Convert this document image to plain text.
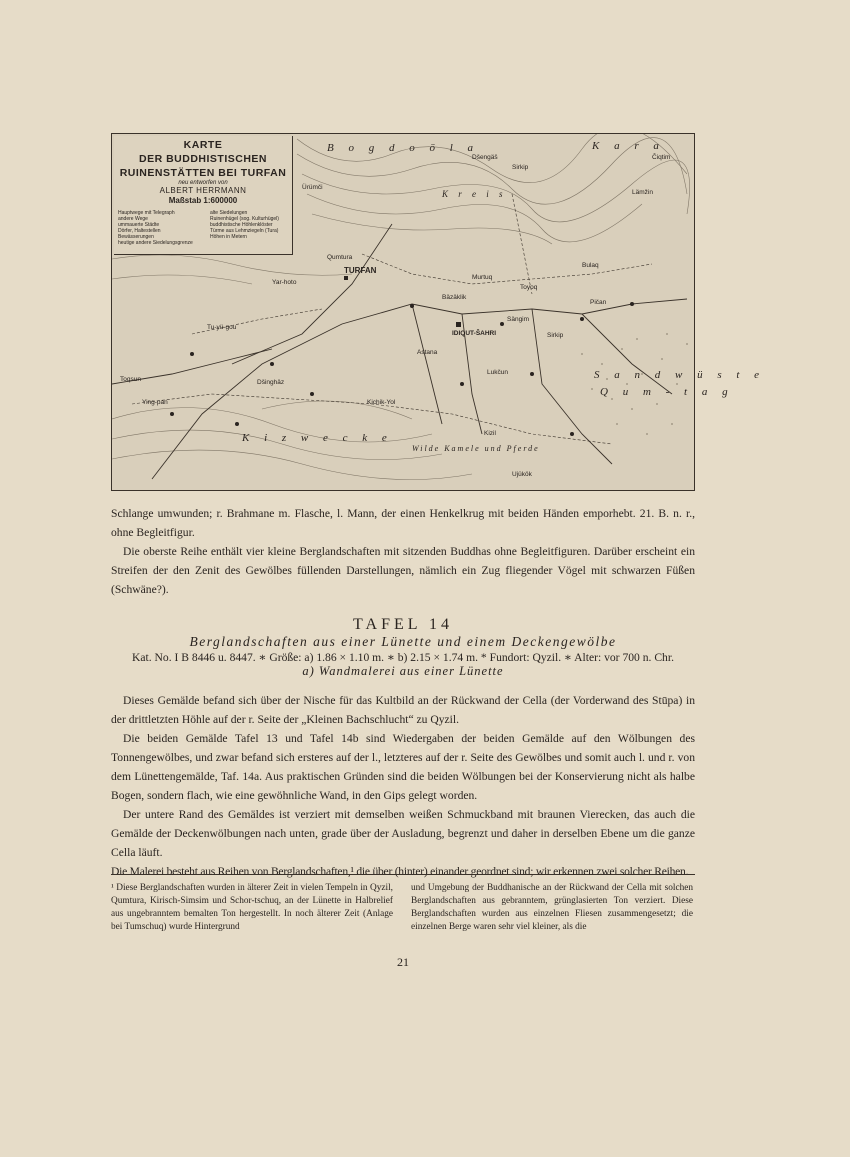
KARTE
DER BUDDHISTISCHEN
RUINENSTÄTTEN BEI TURFAN
neu entworfen von
ALBERT HERRMANN
Maßstab 1:600000
Hauptwege mit Telegraph
andere Wege
ummauerte Städte
Dörfer, Haltestellen
Bewässerungen
heutige andere Siedelungsgrenze
alte Siedelungen
Ruinenhügel (sog. Kulturhügel)
buddhistische Höhlenklöster
Türme aus Lehmziegeln (Tura)
Höhen in Metern
B o g d o ö l a	K a r a
K r e i s
TURFAN
IDIQUT-ŠAHRI
Qumtura
Sängim
Murtuq
Toyoq
Bäzäklik
Astana
Lukčun
Pičan
Sirkip
Yar-hoto
Toqsun
Bulaq
Tu-yü-gou
S a n d w ü s t e
Q u m - t a g
K i z w e c k e
Wilde Kamele und Pferde
Ürümči
Dšengäš
Lämžin
Čiqtim
Sirkip
Kichik-Yol
Ying-pan
Kizil
Dšinghäz
Ujükök

Schlange umwunden; r. Brahmane m. Flasche, l. Mann, der einen Henkelkrug mit beiden Händen emporhebt. 21. B. n. r., ohne Begleitfigur.

Die oberste Reihe enthält vier kleine Berglandschaften mit sitzenden Buddhas ohne Begleitfiguren. Darüber erscheint ein Streifen der den Zenit des Gewölbes füllenden Darstellungen, nämlich ein Zug fliegender Vögel mit schwarzen Füßen (Schwäne?).

TAFEL 14
Berglandschaften aus einer Lünette und einem Deckengewölbe
Kat. No. I B 8446 u. 8447. ∗ Größe: a) 1.86 × 1.10 m. ∗ b) 2.15 × 1.74 m. * Fundort: Qyzil. ∗ Alter: vor 700 n. Chr.
a) Wandmalerei aus einer Lünette

Dieses Gemälde befand sich über der Nische für das Kultbild an der Rückwand der Cella (der Vorderwand des Stūpa) in der drittletzten Höhle auf der r. Seite der „Kleinen Bachschlucht“ zu Qyzil.

Die beiden Gemälde Tafel 13 und Tafel 14b sind Wiedergaben der beiden Gemälde auf den Wölbungen des Tonnengewölbes, und zwar befand sich ersteres auf der l., letzteres auf der r. Seite des Gewölbes und somit auch l. und r. von dem Lünettengemälde, Taf. 14a. Aus praktischen Gründen sind die beiden Wölbungen bei der Konservierung nicht als halbe Bogen, sondern flach, wie eine gewöhnliche Wand, in den Gips gelegt worden.

Der untere Rand des Gemäldes ist verziert mit demselben weißen Schmuckband mit braunen Vierecken, das auch die Gemälde der Deckenwölbungen nach unten, grade über der Ausladung, begrenzt und daher in derselben Ebene um die ganze Cella läuft.

Die Malerei besteht aus Reihen von Berglandschaften,¹ die über (hinter) einander geordnet sind; wir erkennen zwei solcher Reihen.

¹ Diese Berglandschaften wurden in älterer Zeit in vielen Tempeln in Qyzil, Qumtura, Kirisch-Simsim und Schor-tschuq, an der Lünette in Halbrelief aus ungebranntem bemalten Ton hergestellt. In noch älterer Zeit (Anlage bei Tumschuq) wurde Hintergrund
und Umgebung der Buddhanische an der Rückwand der Cella mit solchen Berglandschaften aus gebranntem, grünglasierten Ton verziert. Diese Berglandschaften wurden aus einzelnen Fliesen zusammengesetzt; die einzelnen Berge waren sehr viel kleiner, als die
21
